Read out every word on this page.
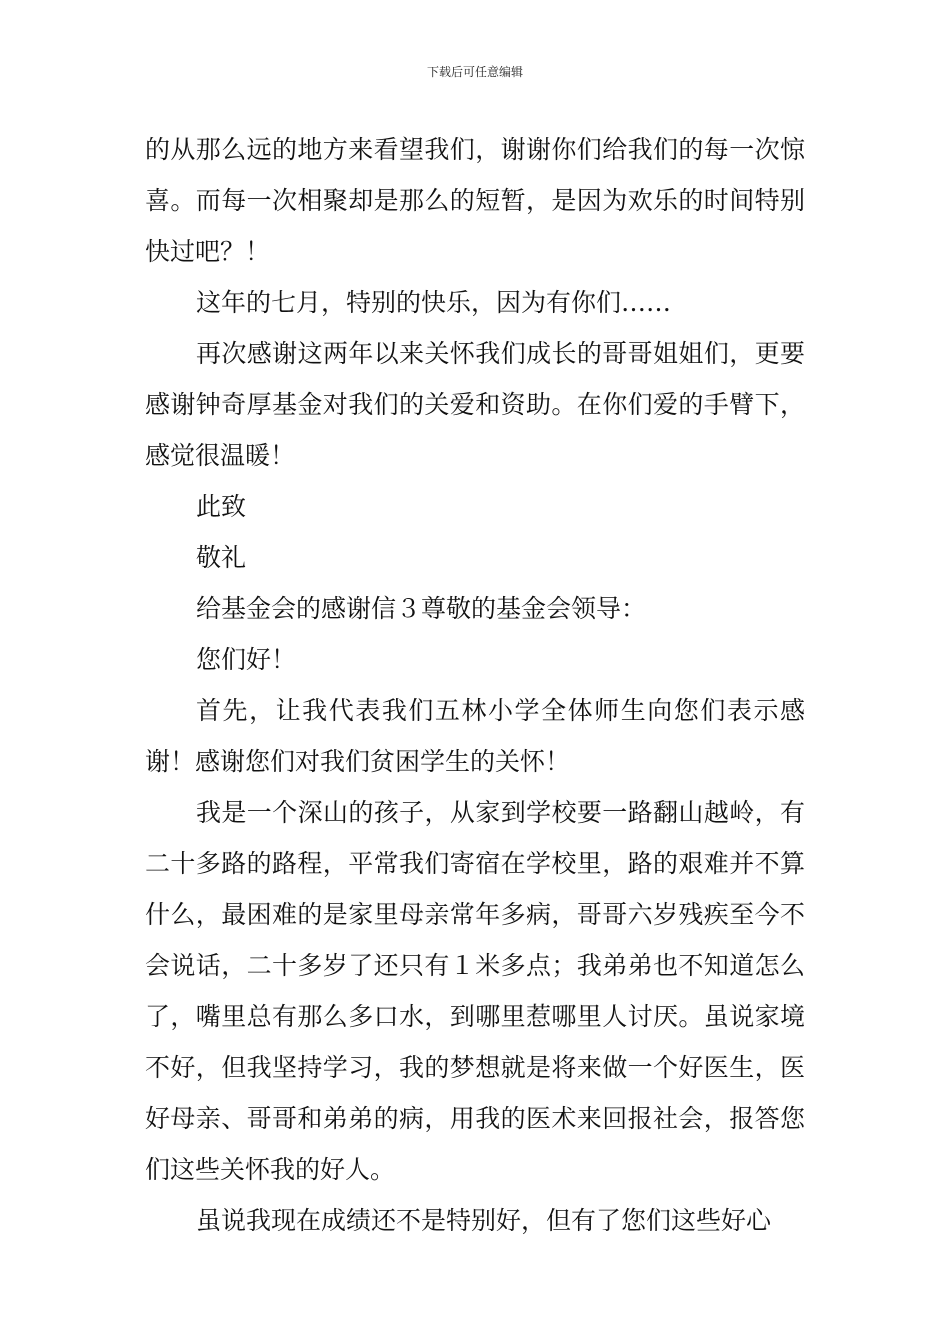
下载后可任意编辑

的从那么远的地方来看望我们，谢谢你们给我们的每一次惊喜。而每一次相聚却是那么的短暂，是因为欢乐的时间特别快过吧？！

这年的七月，特别的快乐，因为有你们……

再次感谢这两年以来关怀我们成长的哥哥姐姐们，更要感谢钟奇厚基金对我们的关爱和资助。在你们爱的手臂下，感觉很温暖！

此致

敬礼

给基金会的感谢信３尊敬的基金会领导：

您们好！

首先，让我代表我们五林小学全体师生向您们表示感谢！感谢您们对我们贫困学生的关怀！

我是一个深山的孩子，从家到学校要一路翻山越岭，有二十多路的路程，平常我们寄宿在学校里，路的艰难并不算什么，最困难的是家里母亲常年多病，哥哥六岁残疾至今不会说话，二十多岁了还只有１米多点；我弟弟也不知道怎么了，嘴里总有那么多口水，到哪里惹哪里人讨厌。虽说家境不好，但我坚持学习，我的梦想就是将来做一个好医生，医好母亲、哥哥和弟弟的病，用我的医术来回报社会，报答您们这些关怀我的好人。

虽说我现在成绩还不是特别好，但有了您们这些好心
